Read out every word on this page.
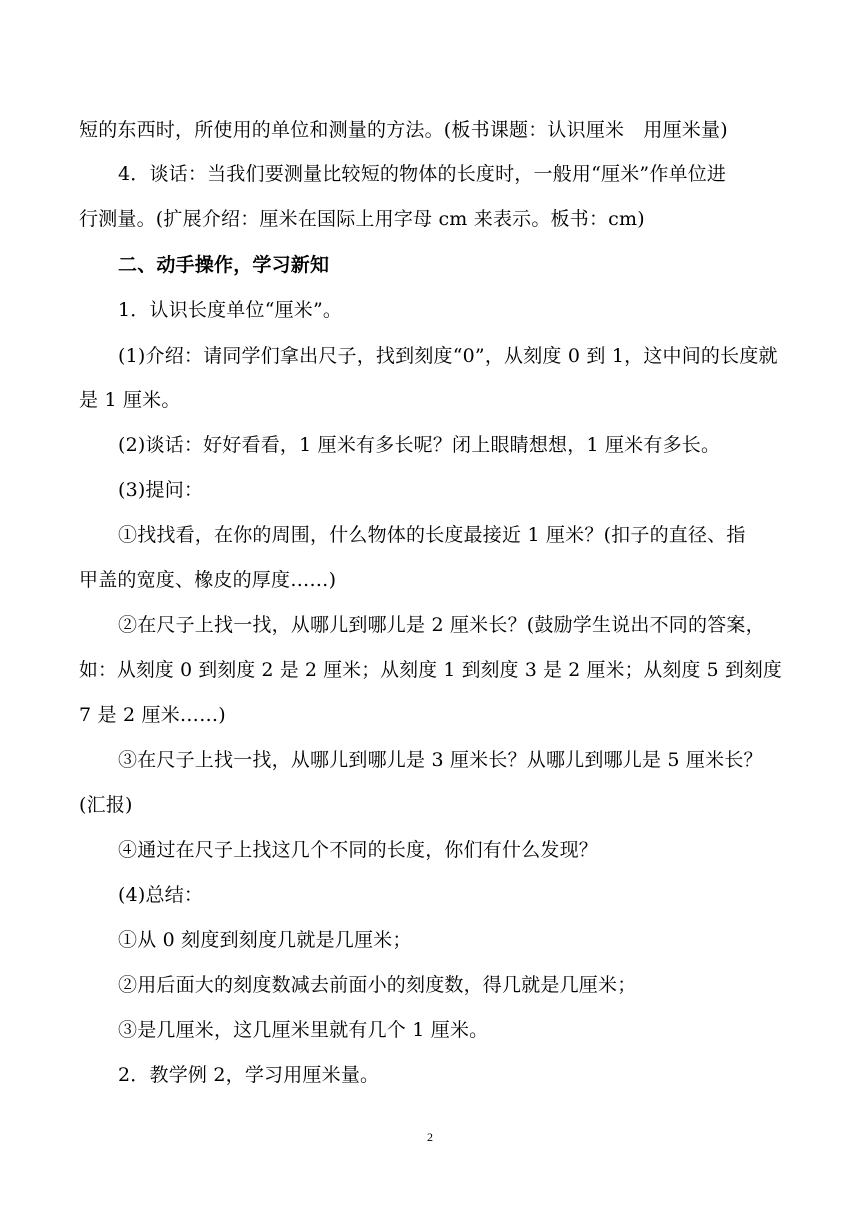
短的东西时，所使用的单位和测量的方法。(板书课题：认识厘米　用厘米量)
4．谈话：当我们要测量比较短的物体的长度时，一般用“厘米”作单位进
行测量。(扩展介绍：厘米在国际上用字母 cm 来表示。板书：cm)
二、动手操作，学习新知
1．认识长度单位“厘米”。
(1)介绍：请同学们拿出尺子，找到刻度“0”，从刻度 0 到 1，这中间的长度就
是 1 厘米。
(2)谈话：好好看看，1 厘米有多长呢？闭上眼睛想想，1 厘米有多长。
(3)提问：
①找找看，在你的周围，什么物体的长度最接近 1 厘米？(扣子的直径、指
甲盖的宽度、橡皮的厚度……)
②在尺子上找一找，从哪儿到哪儿是 2 厘米长？(鼓励学生说出不同的答案，
如：从刻度 0 到刻度 2 是 2 厘米；从刻度 1 到刻度 3 是 2 厘米；从刻度 5 到刻度
7 是 2 厘米……)
③在尺子上找一找，从哪儿到哪儿是 3 厘米长？从哪儿到哪儿是 5 厘米长？
(汇报)
④通过在尺子上找这几个不同的长度，你们有什么发现？
(4)总结：
①从 0 刻度到刻度几就是几厘米；
②用后面大的刻度数减去前面小的刻度数，得几就是几厘米；
③是几厘米，这几厘米里就有几个 1 厘米。
2．教学例 2，学习用厘米量。
2
